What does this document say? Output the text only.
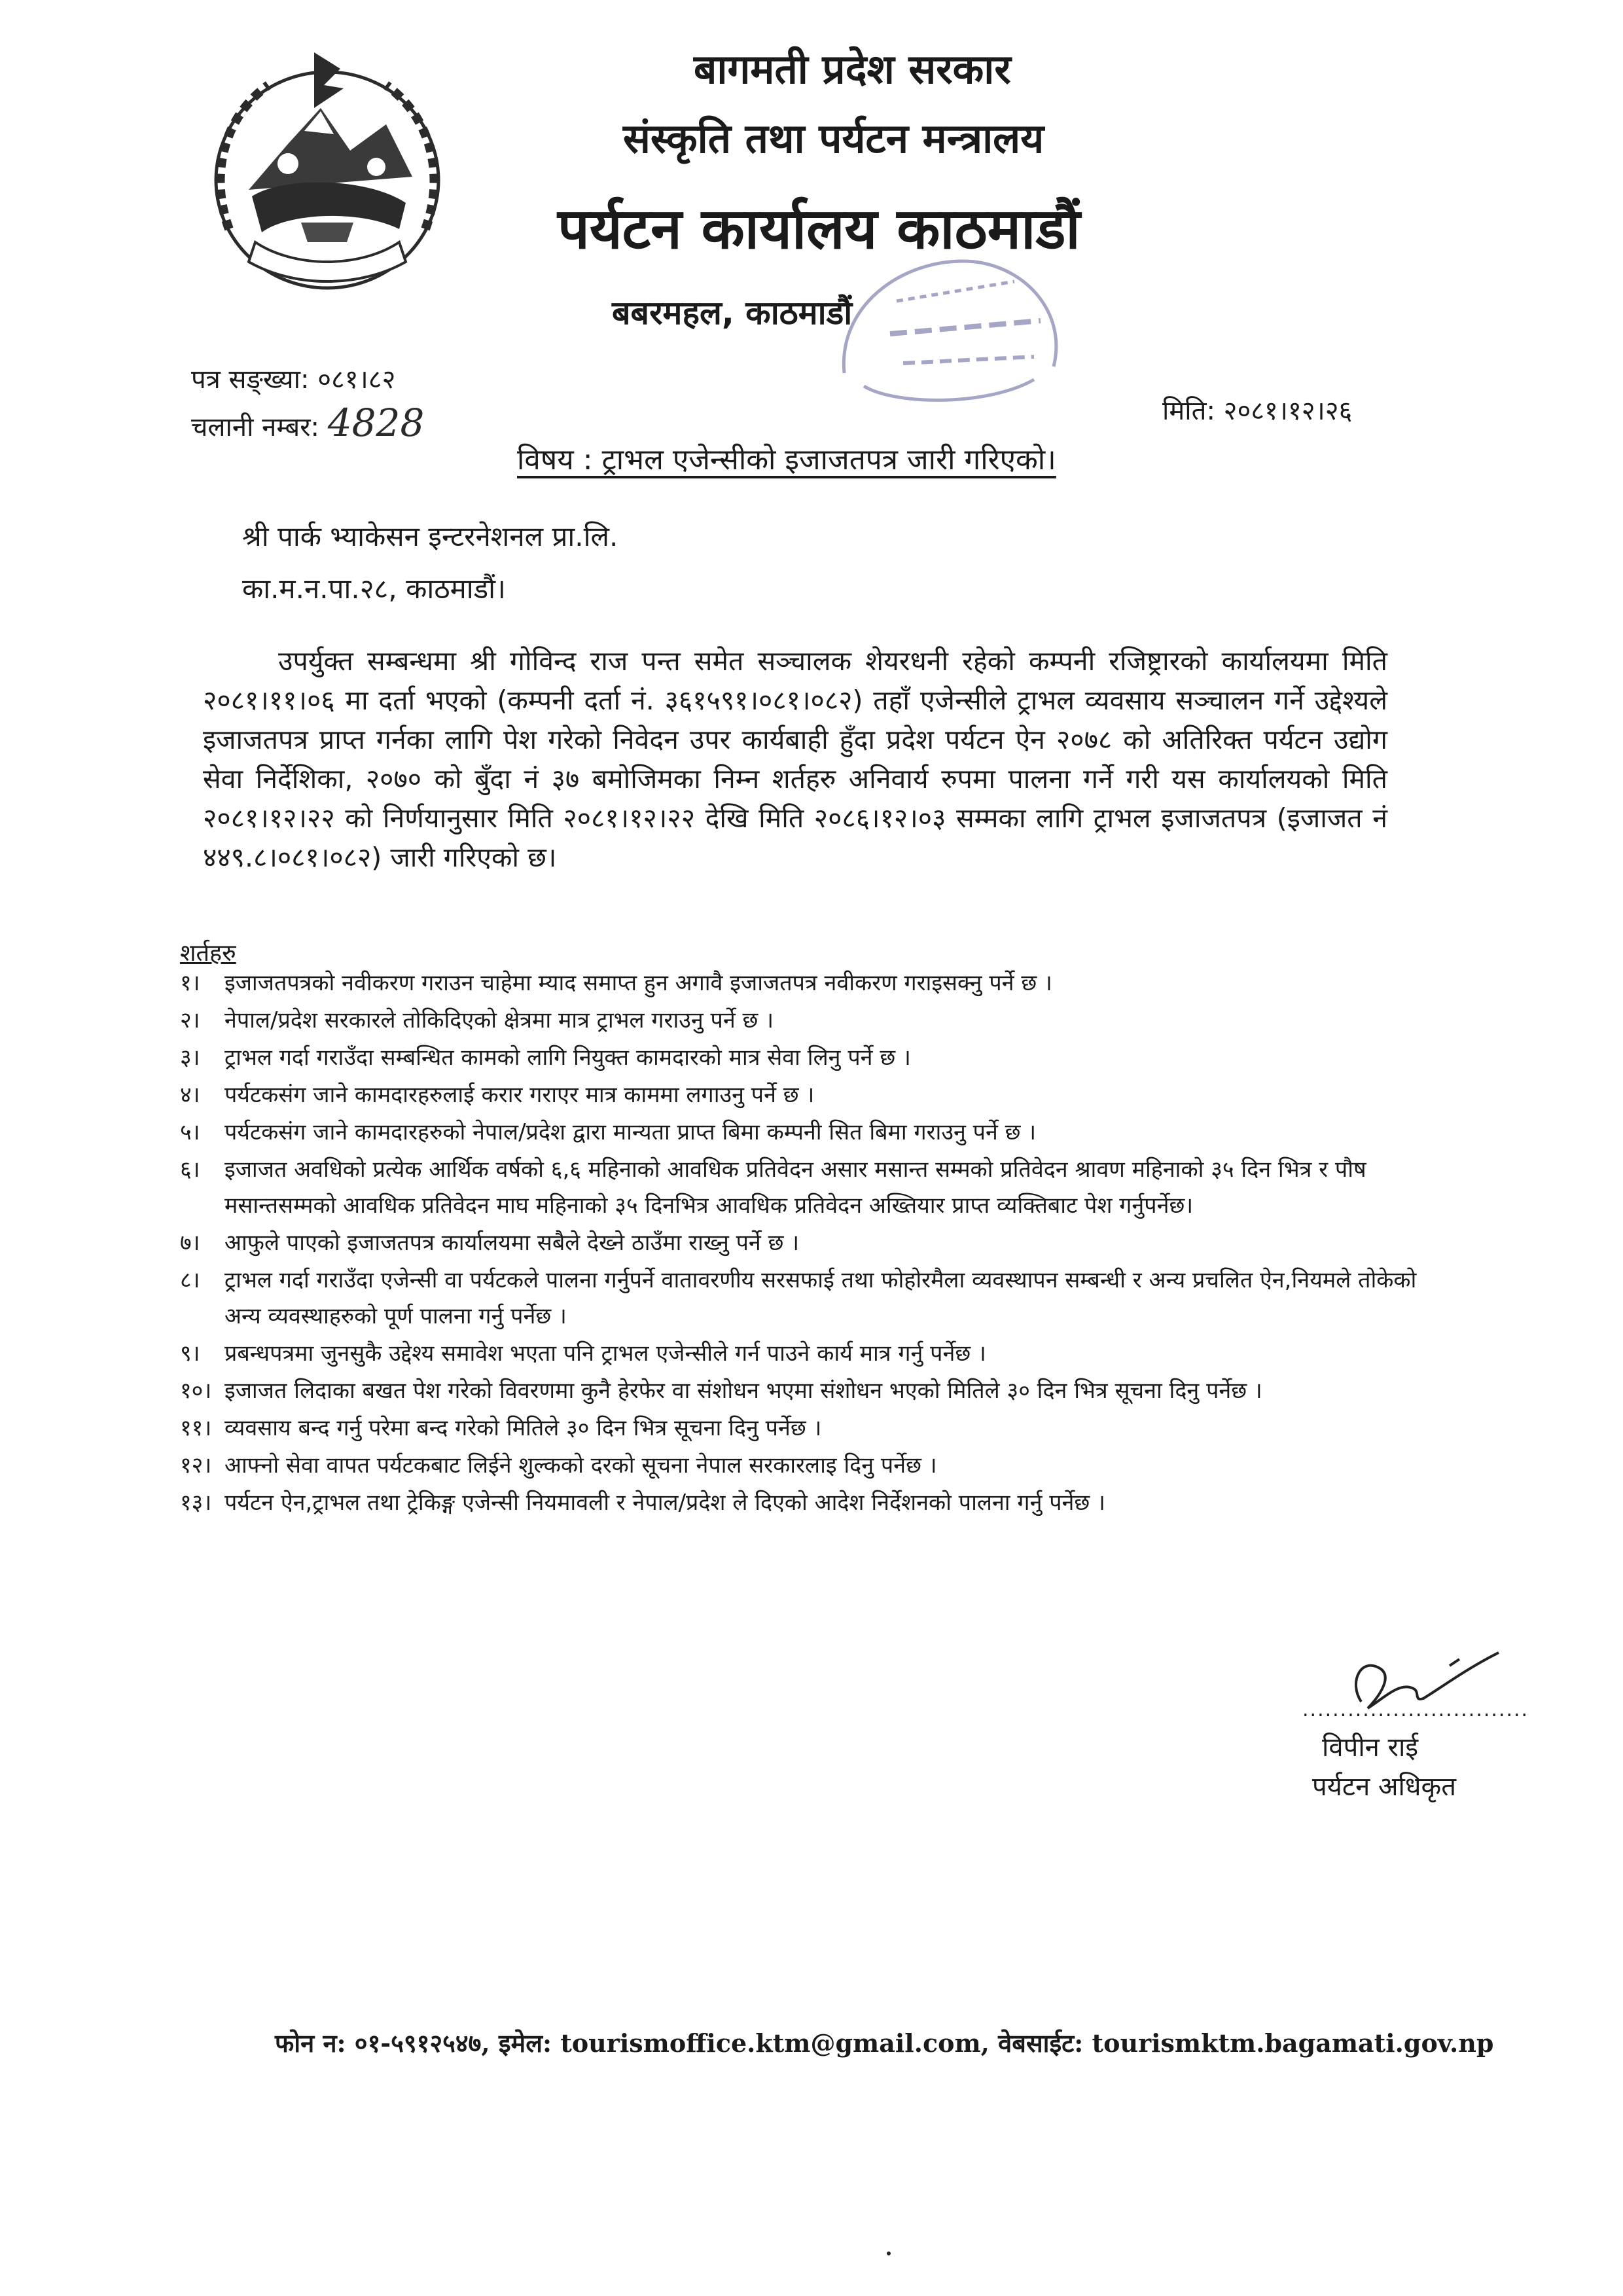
बागमती प्रदेश सरकार
संस्कृति तथा पर्यटन मन्त्रालय
पर्यटन कार्यालय काठमाडौं
बबरमहल, काठमाडौं
पत्र सङ्ख्या: ०८१।८२
चलानी नम्बर: 4828	मिति: २०८१।१२।२६
विषय : ट्राभल एजेन्सीको इजाजतपत्र जारी गरिएको।
श्री पार्क भ्याकेसन इन्टरनेशनल प्रा.लि.
का.म.न.पा.२८, काठमाडौं।

उपर्युक्त सम्बन्धमा श्री गोविन्द राज पन्त समेत सञ्चालक शेयरधनी रहेको कम्पनी रजिष्ट्रारको कार्यालयमा मिति २०८१।११।०६ मा दर्ता भएको (कम्पनी दर्ता नं. ३६१५९१।०८१।०८२) तहाँ एजेन्सीले ट्राभल व्यवसाय सञ्चालन गर्ने उद्देश्यले इजाजतपत्र प्राप्त गर्नका लागि पेश गरेको निवेदन उपर कार्यबाही हुँदा प्रदेश पर्यटन ऐन २०७८ को अतिरिक्त पर्यटन उद्योग सेवा निर्देशिका, २०७० को बुँदा नं ३७ बमोजिमका निम्न शर्तहरु अनिवार्य रुपमा पालना गर्ने गरी यस कार्यालयको मिति २०८१।१२।२२ को निर्णयानुसार मिति २०८१।१२।२२ देखि मिति २०८६।१२।०३ सम्मका लागि ट्राभल इजाजतपत्र (इजाजत नं ४४९.८।०८१।०८२) जारी गरिएको छ।

शर्तहरु
१।	इजाजतपत्रको नवीकरण गराउन चाहेमा म्याद समाप्त हुन अगावै इजाजतपत्र नवीकरण गराइसक्नु पर्ने छ ।
२।	नेपाल/प्रदेश सरकारले तोकिदिएको क्षेत्रमा मात्र ट्राभल गराउनु पर्ने छ ।
३।	ट्राभल गर्दा गराउँदा सम्बन्धित कामको लागि नियुक्त कामदारको मात्र सेवा लिनु पर्ने छ ।
४।	पर्यटकसंग जाने कामदारहरुलाई करार गराएर मात्र काममा लगाउनु पर्ने छ ।
५।	पर्यटकसंग जाने कामदारहरुको नेपाल/प्रदेश द्वारा मान्यता प्राप्त बिमा कम्पनी सित बिमा गराउनु पर्ने छ ।
६।	इजाजत अवधिको प्रत्येक आर्थिक वर्षको ६,६ महिनाको आवधिक प्रतिवेदन असार मसान्त सम्मको प्रतिवेदन श्रावण महिनाको ३५ दिन भित्र र पौष मसान्तसम्मको आवधिक प्रतिवेदन माघ महिनाको ३५ दिनभित्र आवधिक प्रतिवेदन अख्तियार प्राप्त व्यक्तिबाट पेश गर्नुपर्नेछ।
७।	आफुले पाएको इजाजतपत्र कार्यालयमा सबैले देख्ने ठाउँमा राख्नु पर्ने छ ।
८।	ट्राभल गर्दा गराउँदा एजेन्सी वा पर्यटकले पालना गर्नुपर्ने वातावरणीय सरसफाई तथा फोहोरमैला व्यवस्थापन सम्बन्धी र अन्य प्रचलित ऐन,नियमले तोकेको अन्य व्यवस्थाहरुको पूर्ण पालना गर्नु पर्नेछ ।
९।	प्रबन्धपत्रमा जुनसुकै उद्देश्य समावेश भएता पनि ट्राभल एजेन्सीले गर्न पाउने कार्य मात्र गर्नु पर्नेछ ।
१०। इजाजत लिदाका बखत पेश गरेको विवरणमा कुनै हेरफेर वा संशोधन भएमा संशोधन भएको मितिले ३० दिन भित्र सूचना दिनु पर्नेछ ।
११। व्यवसाय बन्द गर्नु परेमा बन्द गरेको मितिले ३० दिन भित्र सूचना दिनु पर्नेछ ।
१२। आफ्नो सेवा वापत पर्यटकबाट लिईने शुल्कको दरको सूचना नेपाल सरकारलाइ दिनु पर्नेछ ।
१३। पर्यटन ऐन,ट्राभल तथा ट्रेकिङ्ग एजेन्सी नियमावली र नेपाल/प्रदेश ले दिएको आदेश निर्देशनको पालना गर्नु पर्नेछ ।
..............................
विपीन राई
पर्यटन अधिकृत
फोन न: ०१-५९१२५४७, इमेल: tourismoffice.ktm@gmail.com, वेबसाईट: tourismktm.bagamati.gov.np
